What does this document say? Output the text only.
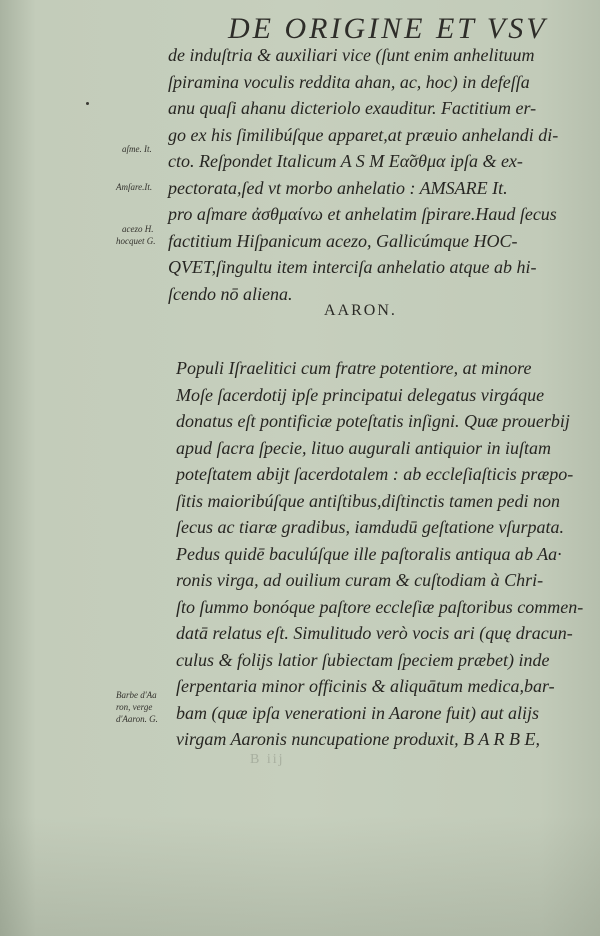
DE ORIGINE ET VSV
de induſtria & auxiliari vice (ſunt enim anhelituum
ſpiramina voculis reddita ahan, ac, hoc) in defeſſa
anu quaſi ahanu dicteriolo exauditur. Factitium er-
go ex his ſimilibúſque apparet,at præuio anhelandi di-
cto. Reſpondet Italicum A S M Eα̃σθμα ipſa & ex-
pectorata,ſed vt morbo anhelatio : AMSARE It.
pro aſmare ἀσθμαίνω et anhelatim ſpirare.Haud ſecus
factitium Hiſpanicum acezo, Gallicúmque HOC-
QVET,ſingultu item interciſa anhelatio atque ab hi-
ſcendo nō aliena.
AARON.
Populi Iſraelitici cum fratre potentiore, at minore
Moſe ſacerdotij ipſe principatui delegatus virgáque
donatus eſt pontificiæ poteſtatis inſigni. Quæ prouerbij
apud ſacra ſpecie, lituo augurali antiquior in iuſtam
poteſtatem abijt ſacerdotalem : ab eccleſiaſticis præpo-
ſitis maioribúſque antiſtibus,diſtinctis tamen pedi non
ſecus ac tiaræ gradibus, iamdudū geſtatione vſurpata.
Pedus quidē baculúſque ille paſtoralis antiqua ab Aa·
ronis virga, ad ouilium curam & cuſtodiam à Chri-
ſto ſummo bonóque paſtore eccleſiæ paſtoribus commen-
datā relatus eſt. Simulitudo verò vocis ari (quę dracun-
culus & folijs latior ſubiectam ſpeciem præbet) inde
ſerpentaria minor officinis & aliquātum medica,bar-
bam (quæ ipſa venerationi in Aarone fuit) aut alijs
virgam Aaronis nuncupatione produxit, B A R B E,
aſme. It.
Amſare.It.
acezo H.
hocquet G.
Barbe d'Aa
ron, verge
d'Aaron. G.
B iij
